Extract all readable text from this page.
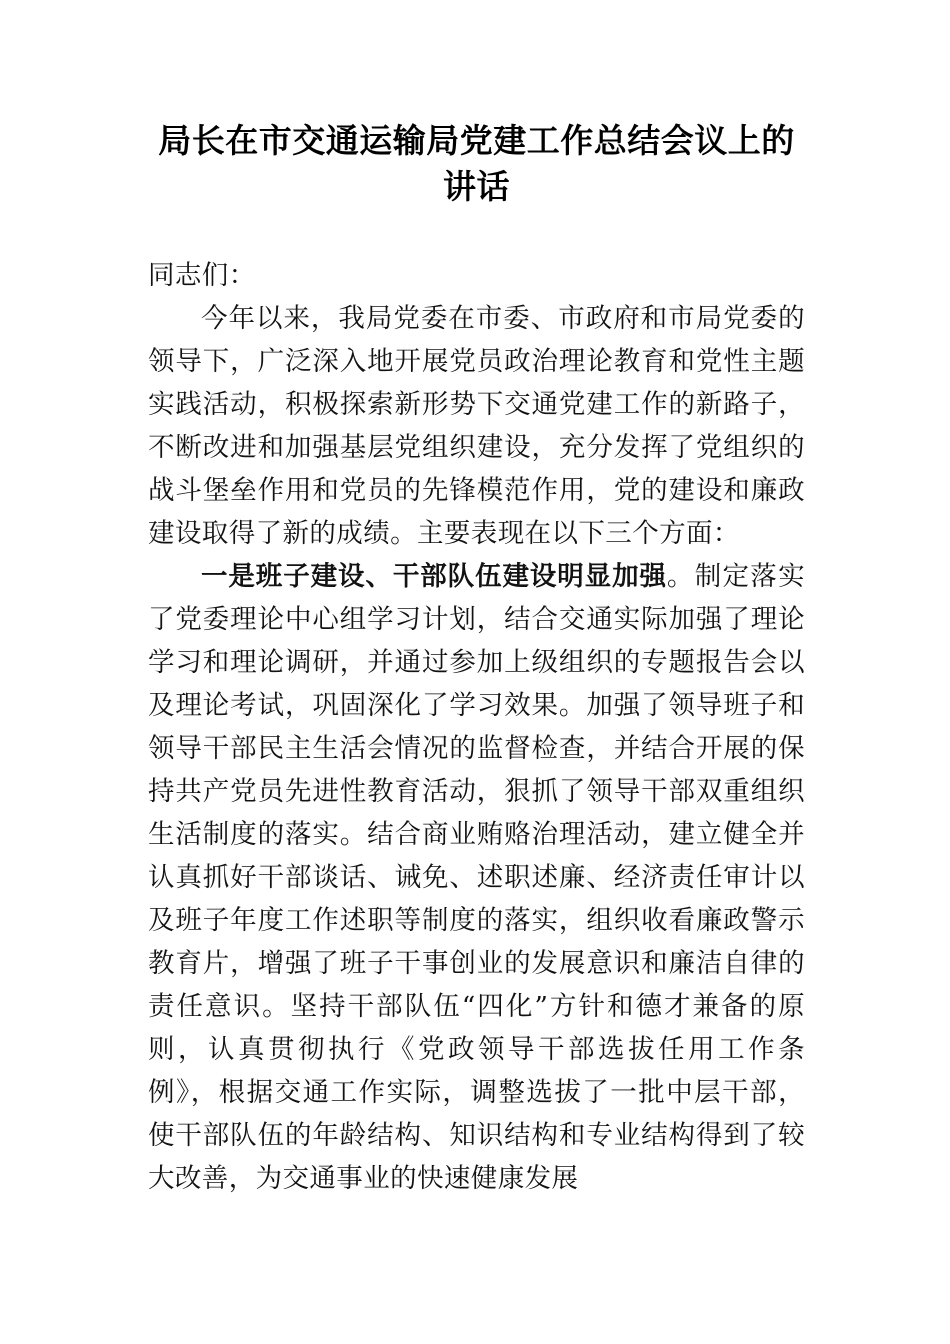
局长在市交通运输局党建工作总结会议上的讲话

同志们：

今年以来，我局党委在市委、市政府和市局党委的领导下，广泛深入地开展党员政治理论教育和党性主题实践活动，积极探索新形势下交通党建工作的新路子，不断改进和加强基层党组织建设，充分发挥了党组织的战斗堡垒作用和党员的先锋模范作用，党的建设和廉政建设取得了新的成绩。主要表现在以下三个方面：

一是班子建设、干部队伍建设明显加强。制定落实了党委理论中心组学习计划，结合交通实际加强了理论学习和理论调研，并通过参加上级组织的专题报告会以及理论考试，巩固深化了学习效果。加强了领导班子和领导干部民主生活会情况的监督检查，并结合开展的保持共产党员先进性教育活动，狠抓了领导干部双重组织生活制度的落实。结合商业贿赂治理活动，建立健全并认真抓好干部谈话、诫免、述职述廉、经济责任审计以及班子年度工作述职等制度的落实，组织收看廉政警示教育片，增强了班子干事创业的发展意识和廉洁自律的责任意识。坚持干部队伍“四化”方针和德才兼备的原则，认真贯彻执行《党政领导干部选拔任用工作条例》，根据交通工作实际，调整选拔了一批中层干部，使干部队伍的年龄结构、知识结构和专业结构得到了较大改善，为交通事业的快速健康发展
